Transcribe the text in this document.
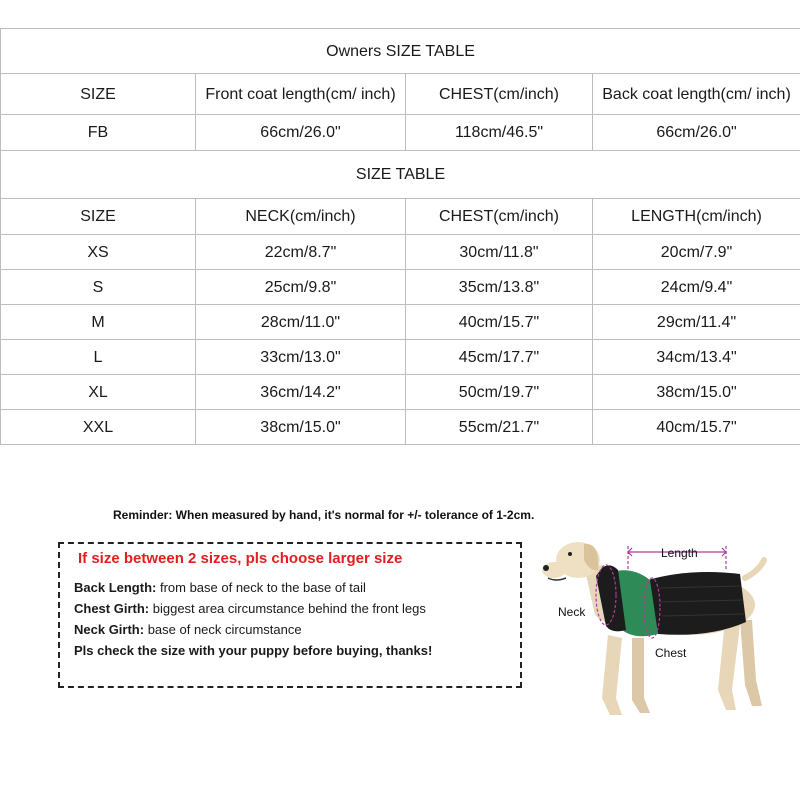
Owners SIZE TABLE			
SIZE	Front coat length(cm/ inch)	CHEST(cm/inch)	Back coat length(cm/ inch)
FB	66cm/26.0"	118cm/46.5"	66cm/26.0"
SIZE TABLE			
SIZE	NECK(cm/inch)	CHEST(cm/inch)	LENGTH(cm/inch)
XS	22cm/8.7"	30cm/11.8"	20cm/7.9"
S	25cm/9.8"	35cm/13.8"	24cm/9.4"
M	28cm/11.0"	40cm/15.7"	29cm/11.4"
L	33cm/13.0"	45cm/17.7"	34cm/13.4"
XL	36cm/14.2"	50cm/19.7"	38cm/15.0"
XXL	38cm/15.0"	55cm/21.7"	40cm/15.7"
Reminder: When measured by hand, it's normal for +/- tolerance of 1-2cm.
If size between 2 sizes, pls choose larger size
Back Length: from base of neck to the base of tail
Chest Girth: biggest area circumstance behind the front legs
Neck Girth: base of neck circumstance
Pls check the size with your puppy before buying, thanks!
Length
Neck
Chest
